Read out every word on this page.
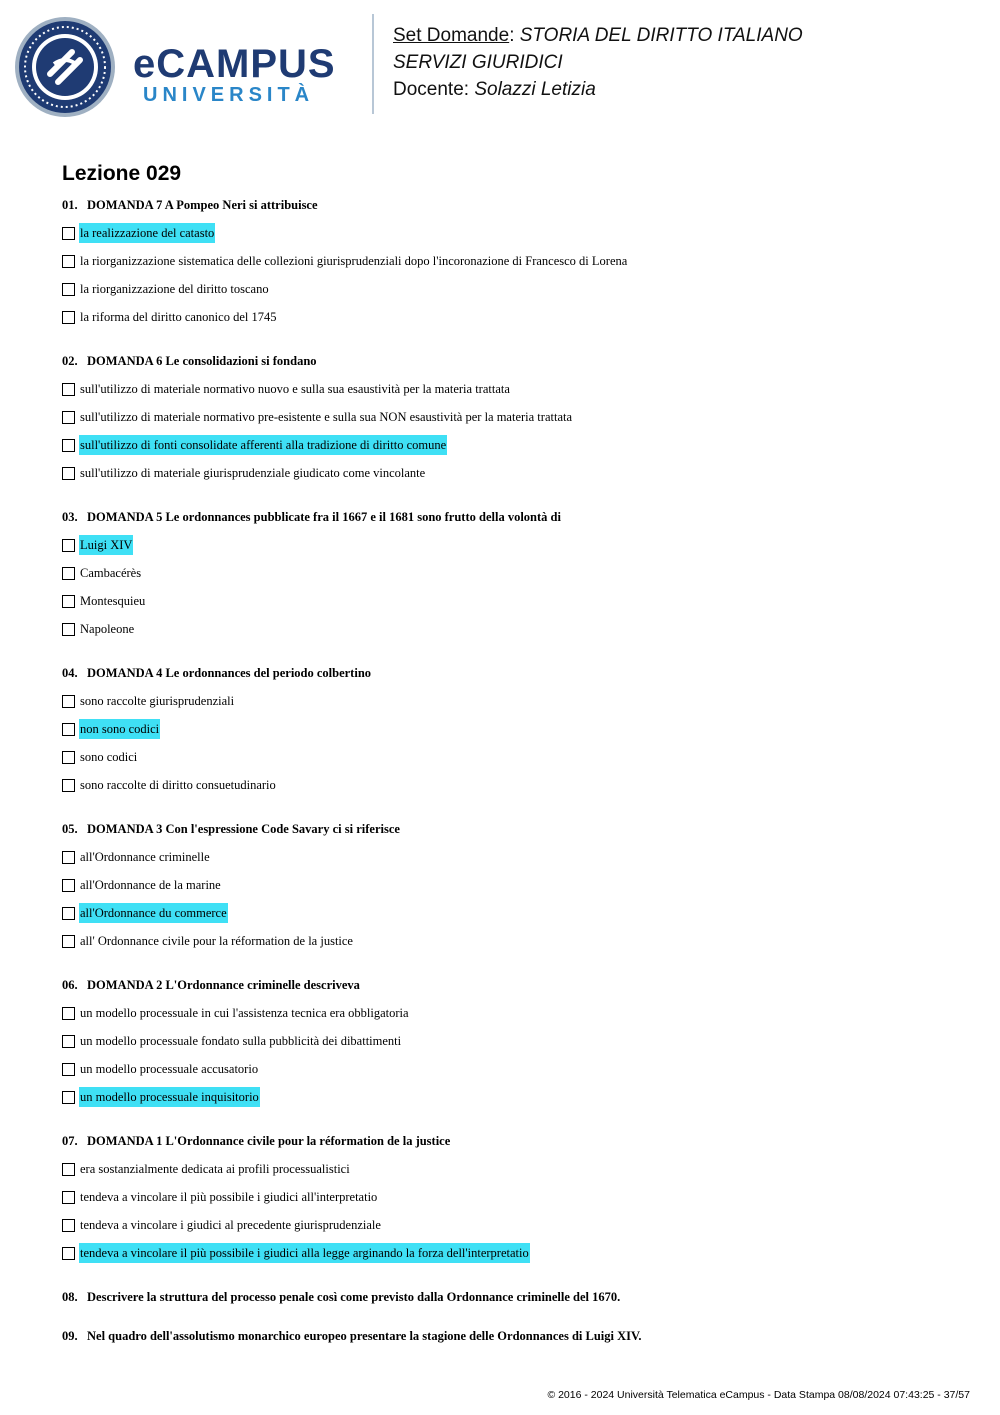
eCAMPUS
UNIVERSITÀ
Set Domande: STORIA DEL DIRITTO ITALIANO
SERVIZI GIURIDICI
Docente: Solazzi Letizia
Lezione 029
01. DOMANDA 7 A Pompeo Neri si attribuisce
la realizzazione del catasto
la riorganizzazione sistematica delle collezioni giurisprudenziali dopo l'incoronazione di Francesco di Lorena
la riorganizzazione del diritto toscano
la riforma del diritto canonico del 1745
02. DOMANDA 6 Le consolidazioni si fondano
sull'utilizzo di materiale normativo nuovo e sulla sua esaustività per la materia trattata
sull'utilizzo di materiale normativo pre-esistente e sulla sua NON esaustività per la materia trattata
sull'utilizzo di fonti consolidate afferenti alla tradizione di diritto comune
sull'utilizzo di materiale giurisprudenziale giudicato come vincolante
03. DOMANDA 5 Le ordonnances pubblicate fra il 1667 e il 1681 sono frutto della volontà di
Luigi XIV
Cambacérès
Montesquieu
Napoleone
04. DOMANDA 4 Le ordonnances del periodo colbertino
sono raccolte giurisprudenziali
non sono codici
sono codici
sono raccolte di diritto consuetudinario
05. DOMANDA 3 Con l'espressione Code Savary ci si riferisce
all'Ordonnance criminelle
all'Ordonnance de la marine
all'Ordonnance du commerce
all' Ordonnance civile pour la réformation de la justice
06. DOMANDA 2 L'Ordonnance criminelle descriveva
un modello processuale in cui l'assistenza tecnica era obbligatoria
un modello processuale fondato sulla pubblicità dei dibattimenti
un modello processuale accusatorio
un modello processuale inquisitorio
07. DOMANDA 1 L'Ordonnance civile pour la réformation de la justice
era sostanzialmente dedicata ai profili processualistici
tendeva a vincolare il più possibile i giudici all'interpretatio
tendeva a vincolare i giudici al precedente giurisprudenziale
tendeva a vincolare il più possibile i giudici alla legge arginando la forza dell'interpretatio
08. Descrivere la struttura del processo penale così come previsto dalla Ordonnance criminelle del 1670.
09. Nel quadro dell'assolutismo monarchico europeo presentare la stagione delle Ordonnances di Luigi XIV.
© 2016 - 2024 Università Telematica eCampus - Data Stampa 08/08/2024 07:43:25 - 37/57
